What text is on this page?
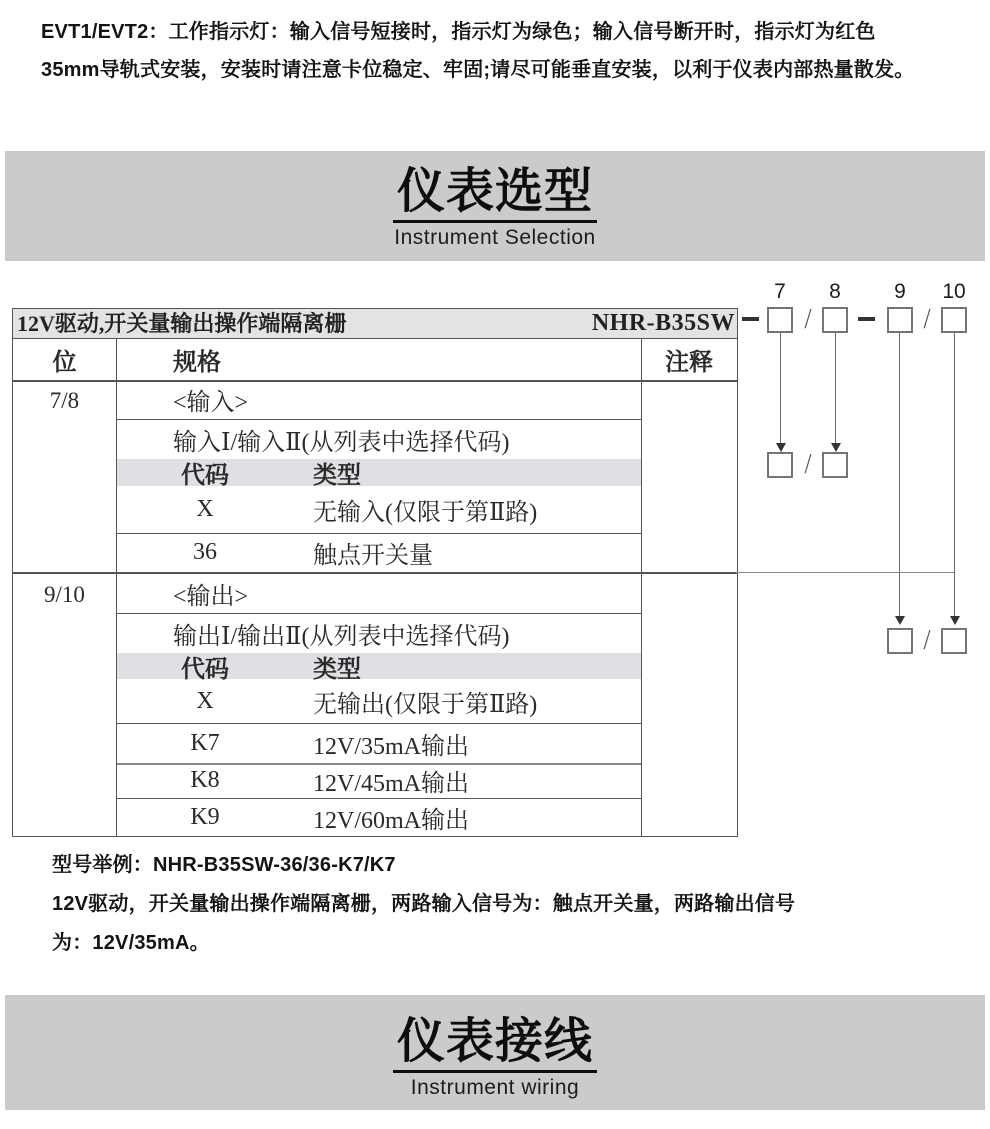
EVT1/EVT2：工作指示灯：输入信号短接时，指示灯为绿色；输入信号断开时，指示灯为红色
35mm导轨式安装，安装时请注意卡位稳定、牢固;请尽可能垂直安装，以利于仪表内部热量散发。
仪表选型
Instrument Selection
12V驱动,开关量输出操作端隔离栅	NHR-B35SW
位	规格	注释
7/8	<输入>
输入Ⅰ/输入Ⅱ(从列表中选择代码)
代码	类型
X	无输入(仅限于第Ⅱ路)
36	触点开关量
9/10	<输出>
输出Ⅰ/输出Ⅱ(从列表中选择代码)
代码	类型
X	无输出(仅限于第Ⅱ路)
K7	12V/35mA输出
K8	12V/45mA输出
K9	12V/60mA输出
7	8	9	10
/	/
/
/
型号举例：NHR-B35SW-36/36-K7/K7
12V驱动，开关量输出操作端隔离栅，两路输入信号为：触点开关量，两路输出信号
为：12V/35mA。
仪表接线
Instrument wiring
